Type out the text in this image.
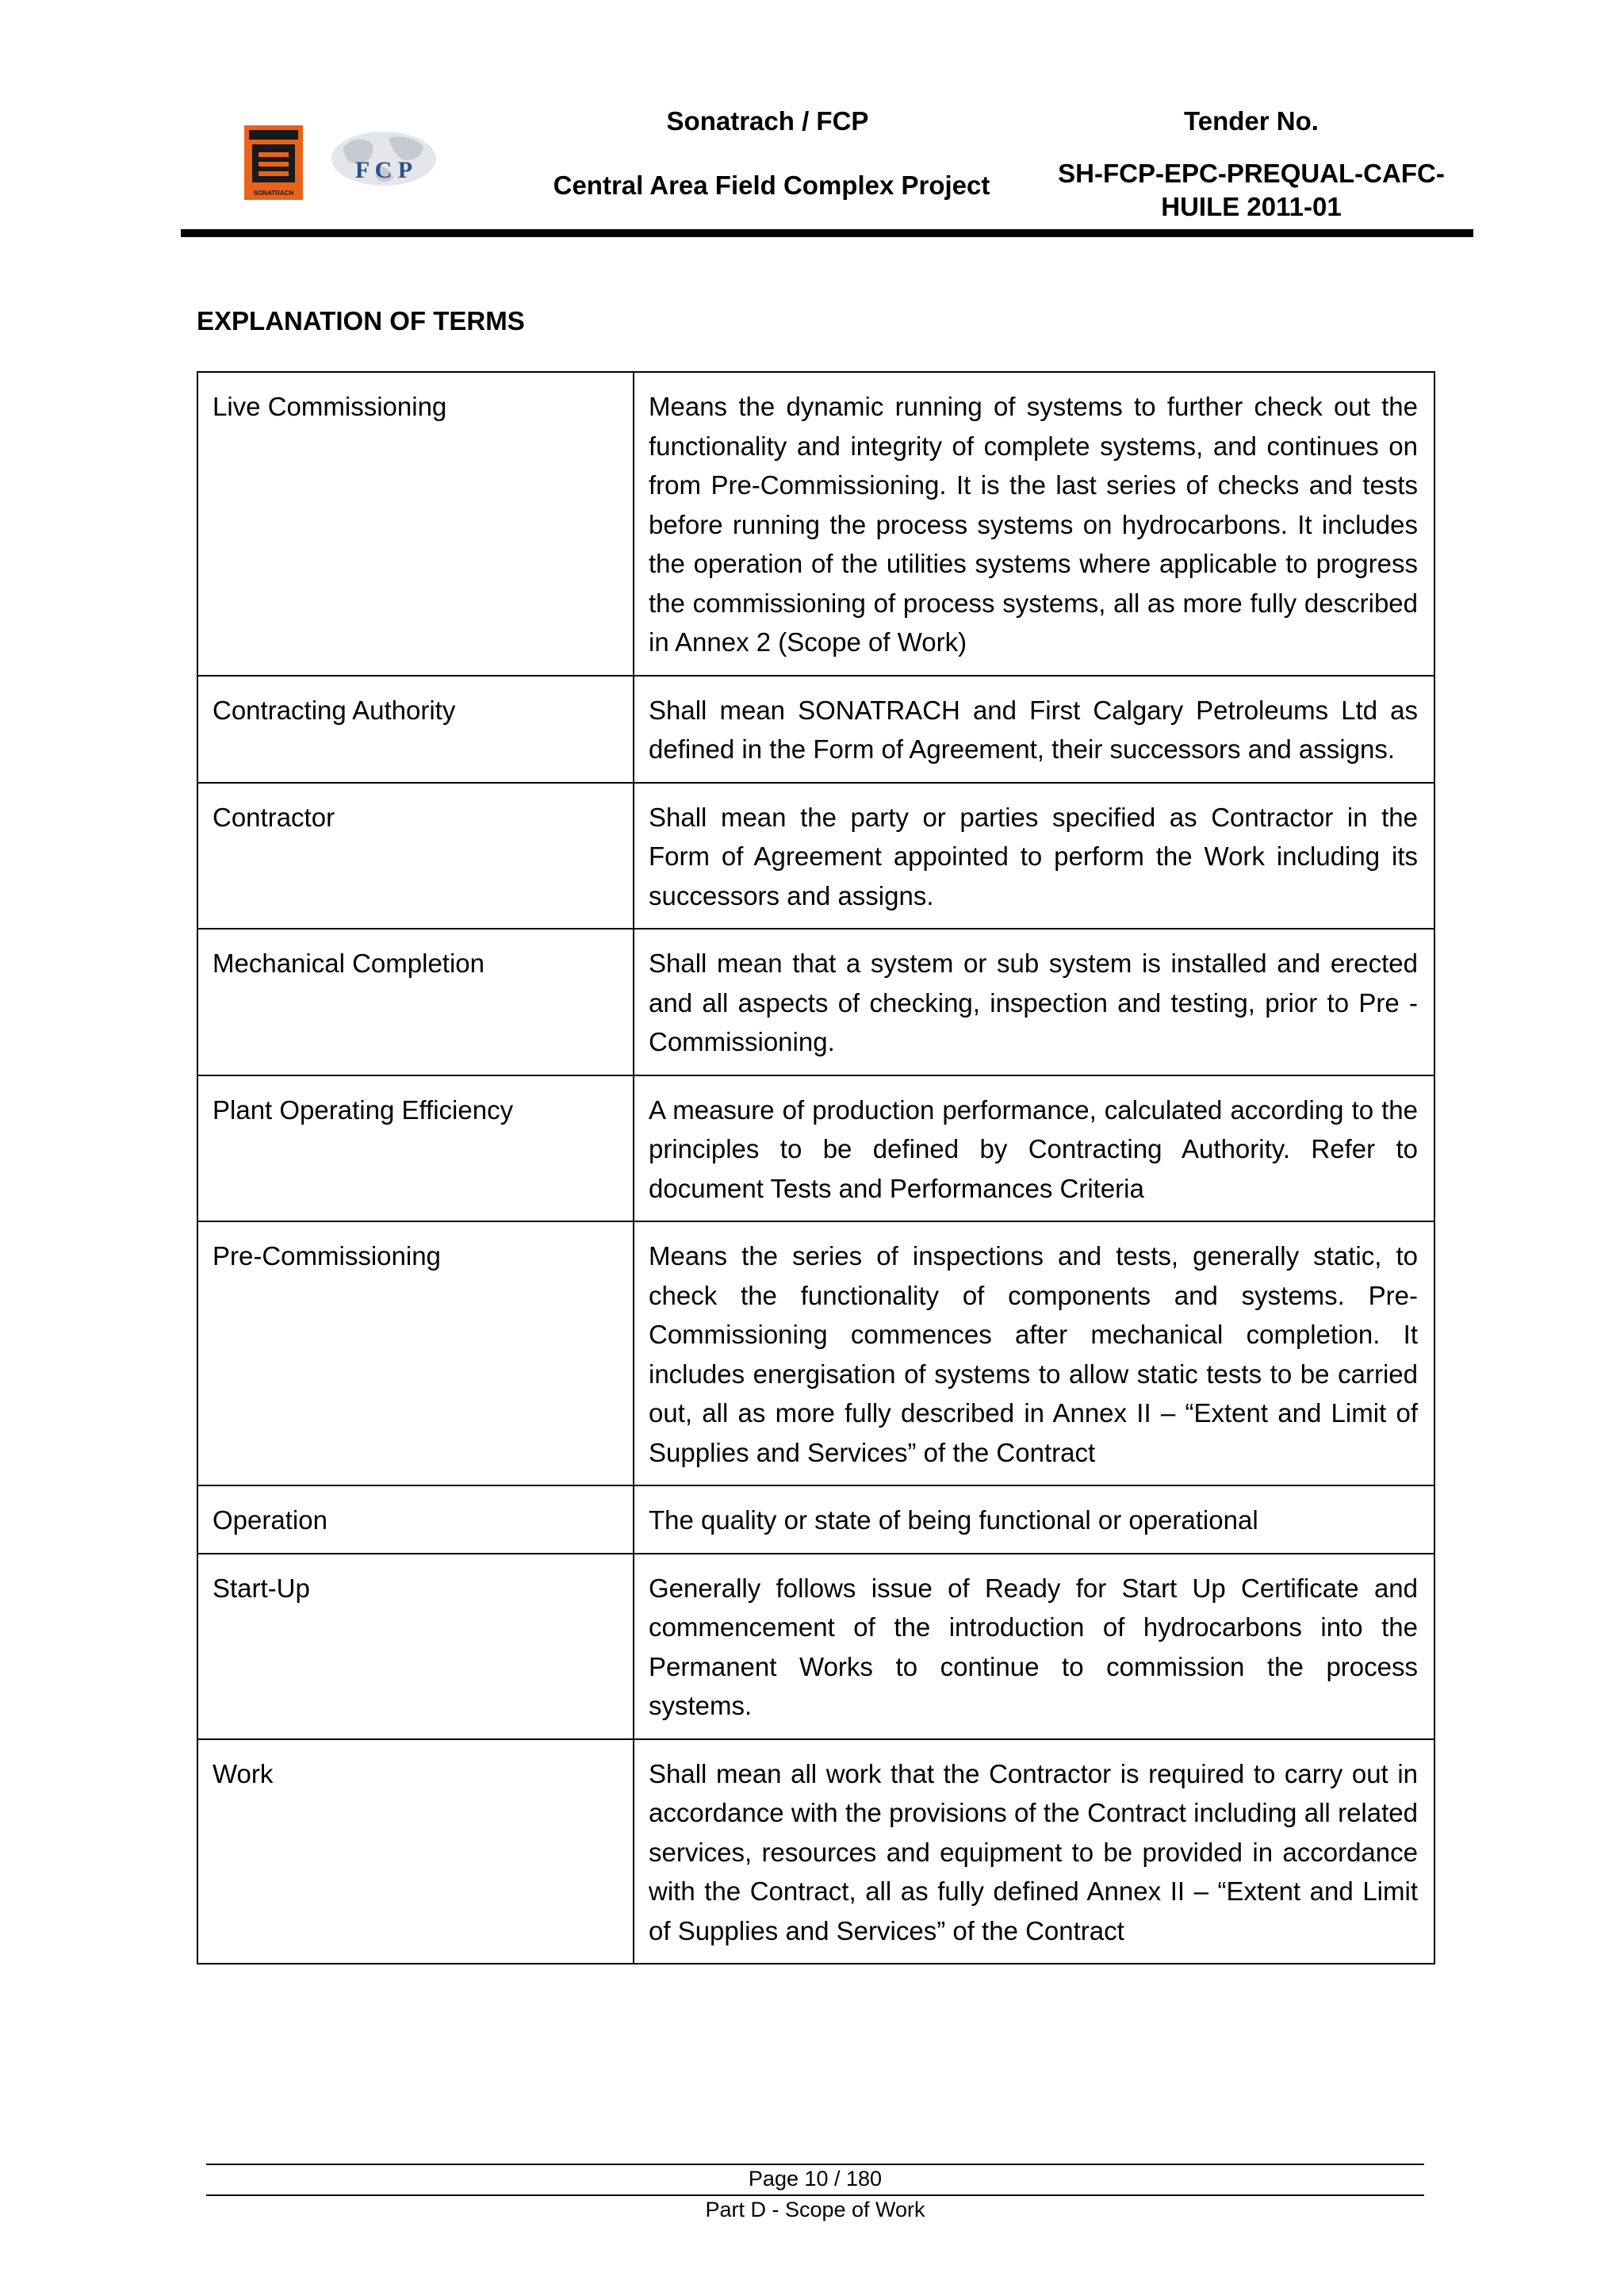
SONATRACH
F C P
Sonatrach / FCP
Central Area Field Complex Project
Tender No.
SH-FCP-EPC-PREQUAL-CAFC-
HUILE 2011-01
EXPLANATION OF TERMS
Live Commissioning	Means the dynamic running of systems to further check out the functionality and integrity of complete systems, and continues on from Pre-Commissioning. It is the last series of checks and tests before running the process systems on hydrocarbons. It includes the operation of the utilities systems where applicable to progress the commissioning of process systems, all as more fully described in Annex 2 (Scope of Work)
Contracting Authority	Shall mean SONATRACH and First Calgary Petroleums Ltd as defined in the Form of Agreement, their successors and assigns.
Contractor	Shall mean the party or parties specified as Contractor in the Form of Agreement appointed to perform the Work including its successors and assigns.
Mechanical Completion	Shall mean that a system or sub system is installed and erected and all aspects of checking, inspection and testing, prior to Pre - Commissioning.
Plant Operating Efficiency	A measure of production performance, calculated according to the principles to be defined by Contracting Authority. Refer to document Tests and Performances Criteria
Pre-Commissioning	Means the series of inspections and tests, generally static, to check the functionality of components and systems. Pre-Commissioning commences after mechanical completion. It includes energisation of systems to allow static tests to be carried out, all as more fully described in Annex II – “Extent and Limit of Supplies and Services” of the Contract
Operation	The quality or state of being functional or operational
Start-Up	Generally follows issue of Ready for Start Up Certificate and commencement of the introduction of hydrocarbons into the Permanent Works to continue to commission the process systems.
Work	Shall mean all work that the Contractor is required to carry out in accordance with the provisions of the Contract including all related services, resources and equipment to be provided in accordance with the Contract, all as fully defined Annex II – “Extent and Limit of Supplies and Services” of the Contract
Page 10 / 180
Part D - Scope of Work
